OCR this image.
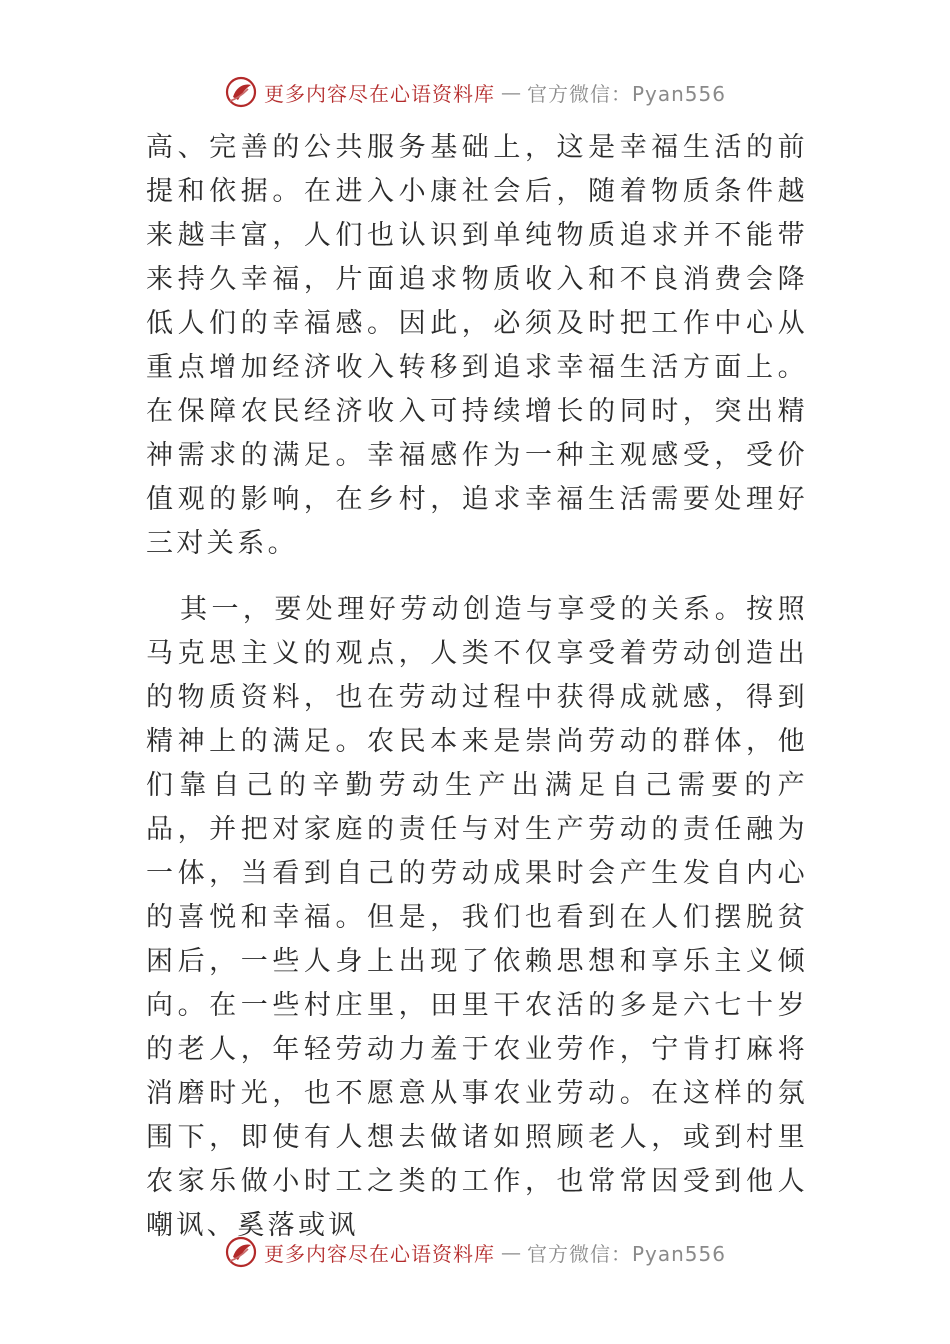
更多内容尽在心语资料库 — 官方微信：Pyan556

高、完善的公共服务基础上，这是幸福生活的前提和依据。在进入小康社会后，随着物质条件越来越丰富，人们也认识到单纯物质追求并不能带来持久幸福，片面追求物质收入和不良消费会降低人们的幸福感。因此，必须及时把工作中心从重点增加经济收入转移到追求幸福生活方面上。在保障农民经济收入可持续增长的同时，突出精神需求的满足。幸福感作为一种主观感受，受价值观的影响，在乡村，追求幸福生活需要处理好三对关系。

其一，要处理好劳动创造与享受的关系。按照马克思主义的观点，人类不仅享受着劳动创造出的物质资料，也在劳动过程中获得成就感，得到精神上的满足。农民本来是崇尚劳动的群体，他们靠自己的辛勤劳动生产出满足自己需要的产品，并把对家庭的责任与对生产劳动的责任融为一体，当看到自己的劳动成果时会产生发自内心的喜悦和幸福。但是，我们也看到在人们摆脱贫困后，一些人身上出现了依赖思想和享乐主义倾向。在一些村庄里，田里干农活的多是六七十岁的老人，年轻劳动力羞于农业劳作，宁肯打麻将消磨时光，也不愿意从事农业劳动。在这样的氛围下，即使有人想去做诸如照顾老人，或到村里农家乐做小时工之类的工作，也常常因受到他人嘲讽、奚落或讽

更多内容尽在心语资料库 — 官方微信：Pyan556
